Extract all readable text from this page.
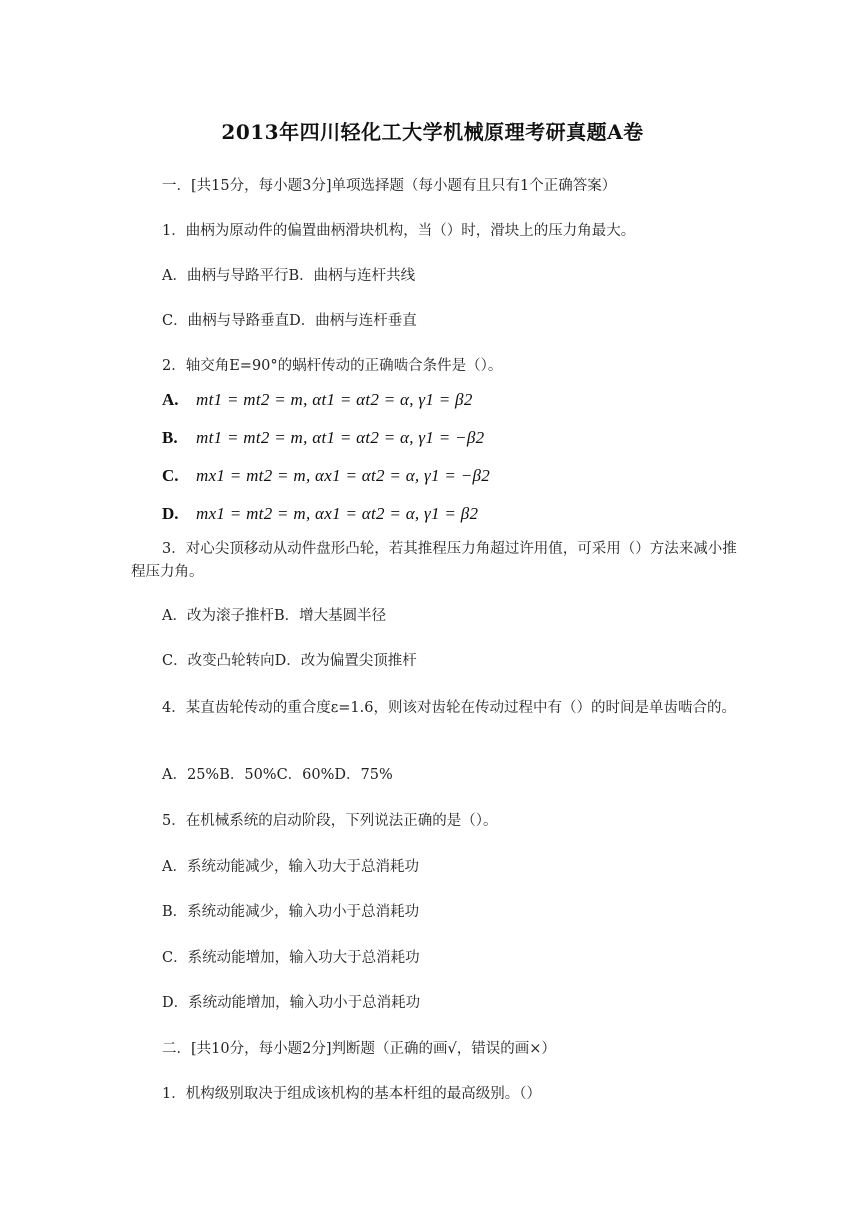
2013年四川轻化工大学机械原理考研真题A卷
一．[共15分，每小题3分]单项选择题（每小题有且只有1个正确答案）
1．曲柄为原动件的偏置曲柄滑块机构，当（）时，滑块上的压力角最大。
A．曲柄与导路平行B．曲柄与连杆共线
C．曲柄与导路垂直D．曲柄与连杆垂直
2．轴交角E=90°的蜗杆传动的正确啮合条件是（）。
A. mt1 = mt2 = m, αt1 = αt2 = α, γ1 = β2
B. mt1 = mt2 = m, αt1 = αt2 = α, γ1 = −β2
C. mx1 = mt2 = m, αx1 = αt2 = α, γ1 = −β2
D. mx1 = mt2 = m, αx1 = αt2 = α, γ1 = β2
3．对心尖顶移动从动件盘形凸轮，若其推程压力角超过许用值，可采用（）方法来减小推程压力角。
A．改为滚子推杆B．增大基圆半径
C．改变凸轮转向D．改为偏置尖顶推杆
4．某直齿轮传动的重合度ε=1.6，则该对齿轮在传动过程中有（）的时间是单齿啮合的。
A．25%B．50%C．60%D．75%
5．在机械系统的启动阶段，下列说法正确的是（）。
A．系统动能减少，输入功大于总消耗功
B．系统动能减少，输入功小于总消耗功
C．系统动能增加，输入功大于总消耗功
D．系统动能增加，输入功小于总消耗功
二．[共10分，每小题2分]判断题（正确的画√，错误的画×）
1．机构级别取决于组成该机构的基本杆组的最高级别。（）
